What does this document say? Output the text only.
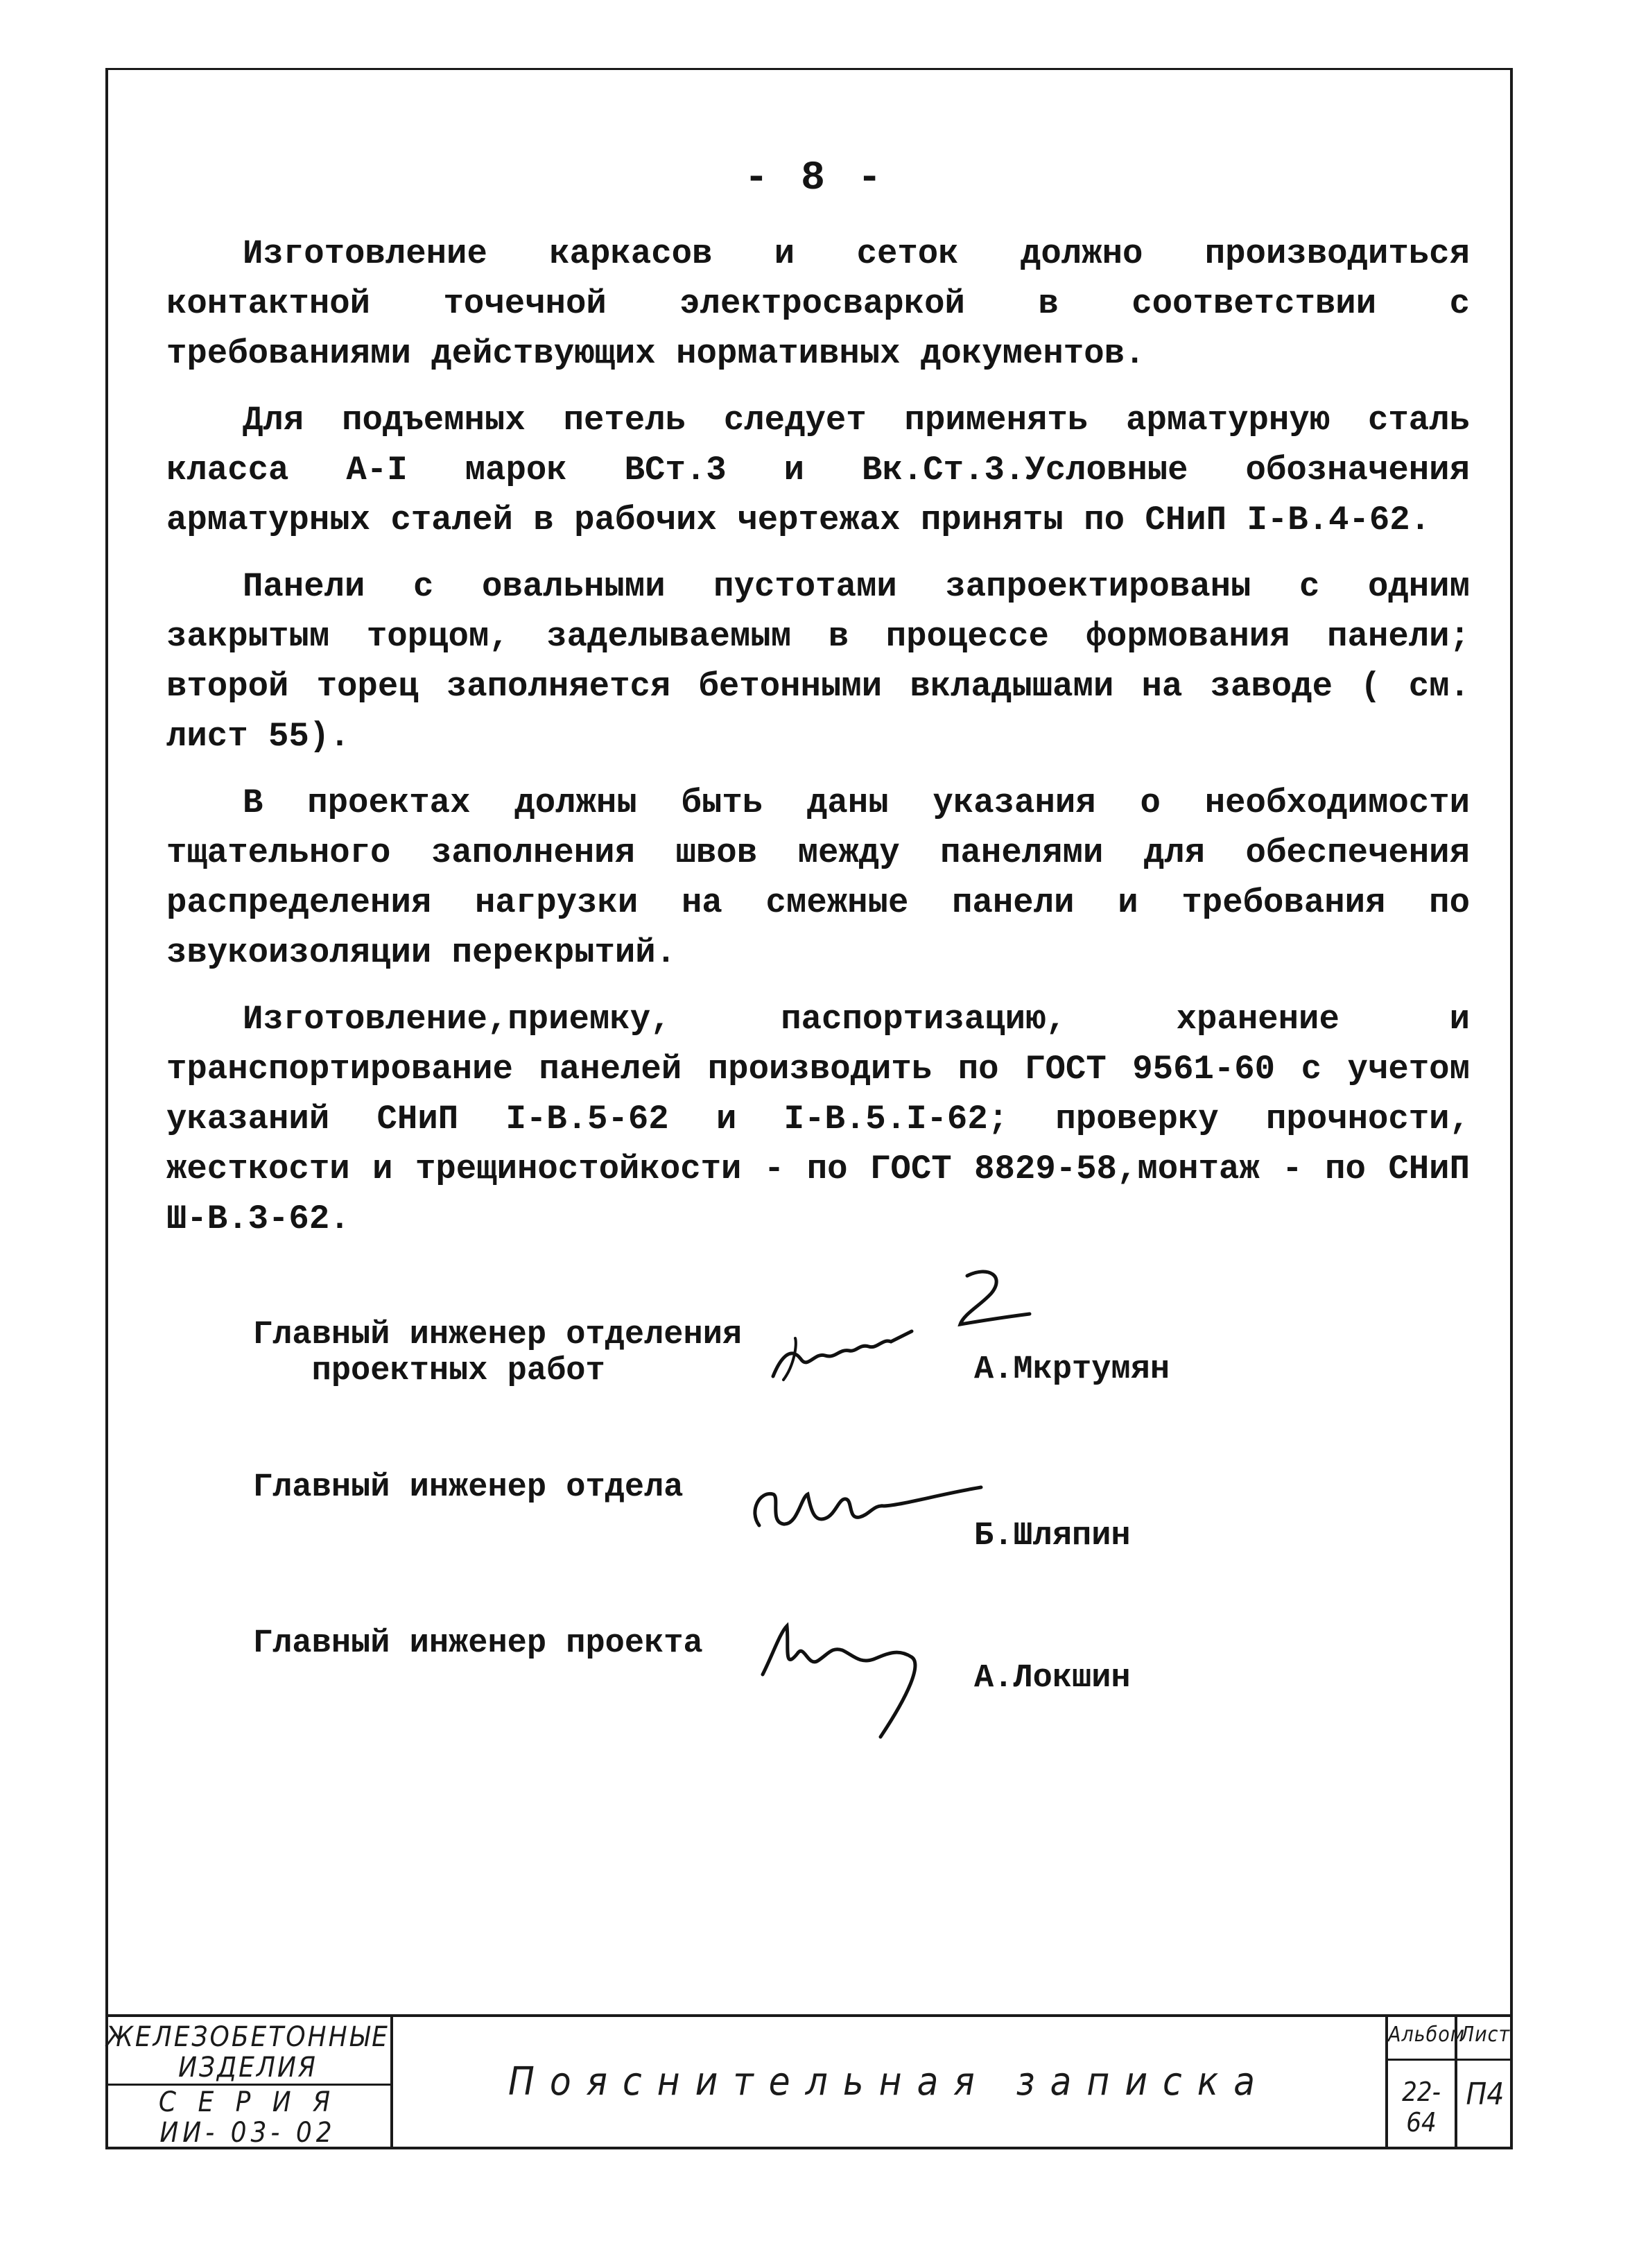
- 8 -

Изготовление каркасов и сеток должно производиться контактной точечной электросваркой в соответствии с требованиями действующих нормативных документов.

Для подъемных петель следует применять арматурную сталь класса А-I марок ВСт.3 и Вк.Ст.3.Условные обозначения арматурных сталей в рабочих чертежах приняты по СНиП I-В.4-62.

Панели с овальными пустотами запроектированы с одним закрытым торцом, заделываемым в процессе формования панели; второй торец заполняется бетонными вкладышами на заводе ( см. лист 55).

В проектах должны быть даны указания о необходимости тщательного заполнения швов между панелями для обеспечения распределения нагрузки на смежные панели и требования по звукоизоляции перекрытий.

Изготовление,приемку, паспортизацию, хранение и транспортирование панелей производить по ГОСТ 9561-60 с учетом указаний СНиП I-В.5-62 и I-В.5.I-62; проверку прочности, жесткости и трещиностойкости - по ГОСТ 8829-58,монтаж - по СНиП Ш-В.3-62.

Главный инженер отделения
проектных работ	А.Мкртумян
Главный инженер отдела
Б.Шляпин
Главный инженер проекта
А.Локшин
ЖЕЛЕЗОБЕТОННЫЕ
ИЗДЕЛИЯ
С Е Р И Я
ИИ- 03- 02
Пояснительная записка
Альбом
22-64
Лист
П4
